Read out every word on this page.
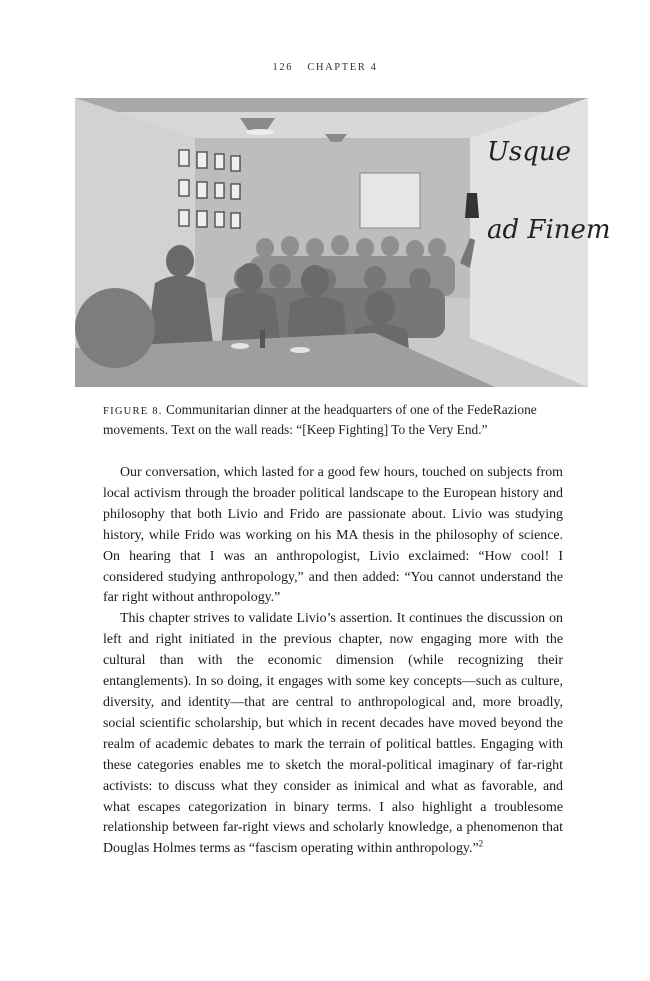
126 CHAPTER 4
Usque
ad Finem
FIGURE 8. Communitarian dinner at the headquarters of one of the FedeRazione movements. Text on the wall reads: “[Keep Fighting] To the Very End.”

Our conversation, which lasted for a good few hours, touched on subjects from local activism through the broader political landscape to the European history and philosophy that both Livio and Frido are passionate about. Livio was studying history, while Frido was working on his MA thesis in the philosophy of science. On hearing that I was an anthropologist, Livio exclaimed: “How cool! I considered studying anthropology,” and then added: “You cannot understand the far right without anthropology.”

This chapter strives to validate Livio’s assertion. It continues the discussion on left and right initiated in the previous chapter, now engaging more with the cultural than with the economic dimension (while recognizing their entanglements). In so doing, it engages with some key concepts—such as culture, diversity, and identity—that are central to anthropological and, more broadly, social scientific scholarship, but which in recent decades have moved beyond the realm of academic debates to mark the terrain of political battles. Engaging with these categories enables me to sketch the moral-political imaginary of far-right activists: to discuss what they consider as inimical and what as favorable, and what escapes categorization in binary terms. I also highlight a troublesome relationship between far-right views and scholarly knowledge, a phenomenon that Douglas Holmes terms as “fascism operating within anthropology.”$^2$
